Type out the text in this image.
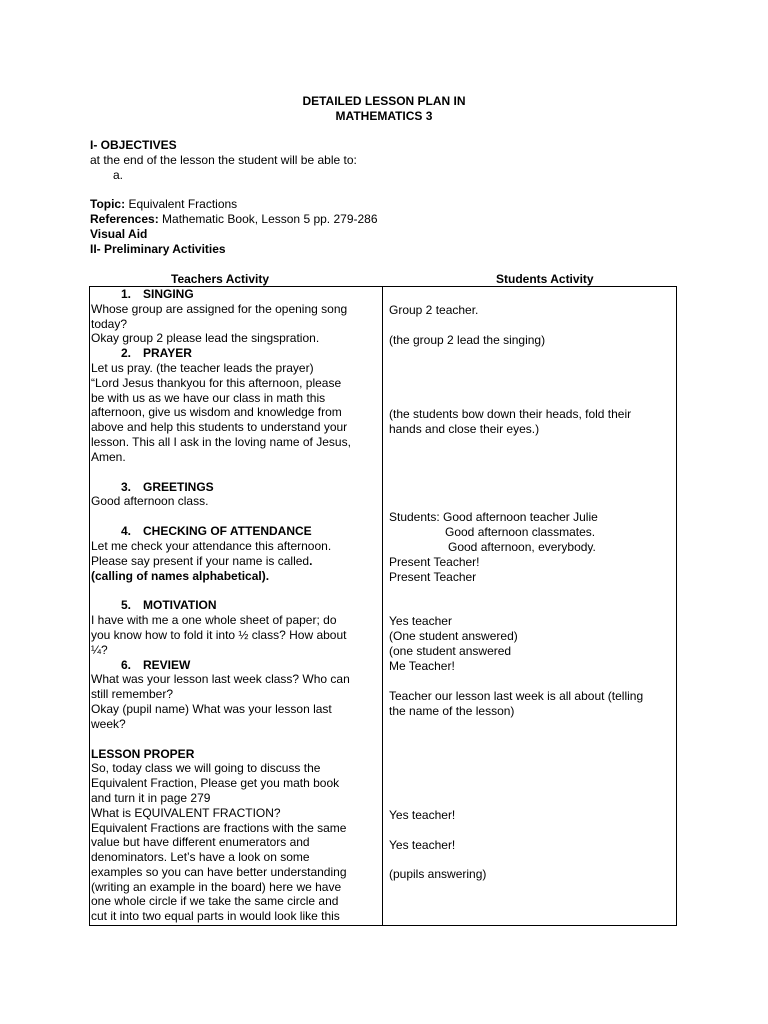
DETAILED LESSON PLAN IN
MATHEMATICS 3
I- OBJECTIVES
at the end of the lesson the student will be able to:
a.
Topic: Equivalent Fractions
References: Mathematic Book, Lesson 5 pp. 279-286
Visual Aid
II- Preliminary Activities
Teachers Activity	Students Activity
1. SINGING
Whose group are assigned for the opening song
today?
Okay group 2 please lead the singspration.
2. PRAYER
Let us pray. (the teacher leads the prayer)
“Lord Jesus thankyou for this afternoon, please
be with us as we have our class in math this
afternoon, give us wisdom and knowledge from
above and help this students to understand your
lesson. This all I ask in the loving name of Jesus,
Amen.
3. GREETINGS
Good afternoon class.
4. CHECKING OF ATTENDANCE
Let me check your attendance this afternoon.
Please say present if your name is called.
(calling of names alphabetical).
5. MOTIVATION
I have with me a one whole sheet of paper; do
you know how to fold it into ½ class? How about
¼?
6. REVIEW
What was your lesson last week class? Who can
still remember?
Okay (pupil name) What was your lesson last
week?
LESSON PROPER
So, today class we will going to discuss the
Equivalent Fraction, Please get you math book
and turn it in page 279
What is EQUIVALENT FRACTION?
Equivalent Fractions are fractions with the same
value but have different enumerators and
denominators. Let’s have a look on some
examples so you can have better understanding
(writing an example in the board) here we have
one whole circle if we take the same circle and
cut it into two equal parts in would look like this
Group 2 teacher.
(the group 2 lead the singing)
(the students bow down their heads, fold their
hands and close their eyes.)
Students: Good afternoon teacher Julie
Good afternoon classmates.
Good afternoon, everybody.
Present Teacher!
Present Teacher
Yes teacher
(One student answered)
(one student answered
Me Teacher!
Teacher our lesson last week is all about (telling
the name of the lesson)
Yes teacher!
Yes teacher!
(pupils answering)
